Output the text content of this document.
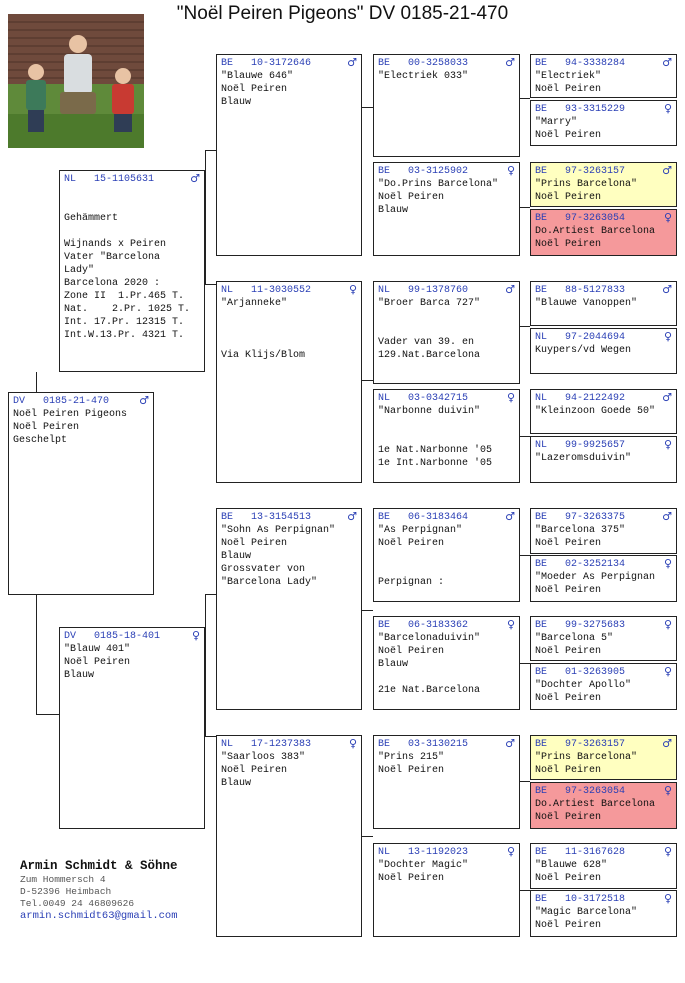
"Noël Peiren Pigeons" DV 0185-21-470
DV   0185-21-470	♂
Noël Peiren Pigeons
Noël Peiren
Geschelpt
NL   15-1105631	♂
Gehämmert
Wijnands x Peiren
Vater "Barcelona
Lady"
Barcelona 2020 :
Zone II  1.Pr.465 T.
Nat.    2.Pr. 1025 T.
Int. 17.Pr. 12315 T.
Int.W.13.Pr. 4321 T.
DV   0185-18-401	♀
"Blauw 401"
Noël Peiren
Blauw
BE   10-3172646	♂
"Blauwe 646"
Noël Peiren
Blauw
NL   11-3030552	♀
"Arjanneke"
Via Klijs/Blom
BE   13-3154513	♂
"Sohn As Perpignan"
Noël Peiren
Blauw
Grossvater von
"Barcelona Lady"
NL   17-1237383	♀
"Saarloos 383"
Noël Peiren
Blauw
BE   00-3258033	♂
"Electriek 033"
BE   03-3125902	♀
"Do.Prins Barcelona"
Noël Peiren
Blauw
NL   99-1378760	♂
"Broer Barca 727"
Vader van 39. en
129.Nat.Barcelona
NL   03-0342715	♀
"Narbonne duivin"
1e Nat.Narbonne '05
1e Int.Narbonne '05
BE   06-3183464	♂
"As Perpignan"
Noël Peiren
Perpignan :
BE   06-3183362	♀
"Barcelonaduivin"
Noël Peiren
Blauw
21e Nat.Barcelona
BE   03-3130215	♂
"Prins 215"
Noël Peiren
NL   13-1192023	♀
"Dochter Magic"
Noël Peiren
BE   94-3338284	♂
"Electriek"
Noël Peiren
BE   93-3315229	♀
"Marry"
Noël Peiren
BE   97-3263157	♂
"Prins Barcelona"
Noël Peiren
BE   97-3263054	♀
Do.Artiest Barcelona
Noël Peiren
BE   88-5127833	♂
"Blauwe Vanoppen"
NL   97-2044694	♀
Kuypers/vd Wegen
NL   94-2122492	♂
"Kleinzoon Goede 50"
NL   99-9925657	♀
"Lazeromsduivin"
BE   97-3263375	♂
"Barcelona 375"
Noël Peiren
BE   02-3252134	♀
"Moeder As Perpignan
Noël Peiren
BE   99-3275683	♀
"Barcelona 5"
Noël Peiren
BE   01-3263905	♀
"Dochter Apollo"
Noël Peiren
BE   97-3263157	♂
"Prins Barcelona"
Noël Peiren
BE   97-3263054	♀
Do.Artiest Barcelona
Noël Peiren
BE   11-3167628	♀
"Blauwe 628"
Noël Peiren
BE   10-3172518	♀
"Magic Barcelona"
Noël Peiren
Armin Schmidt & Söhne
Zum Hommersch 4
D-52396 Heimbach
Tel.0049 24 46809626
armin.schmidt63@gmail.com
